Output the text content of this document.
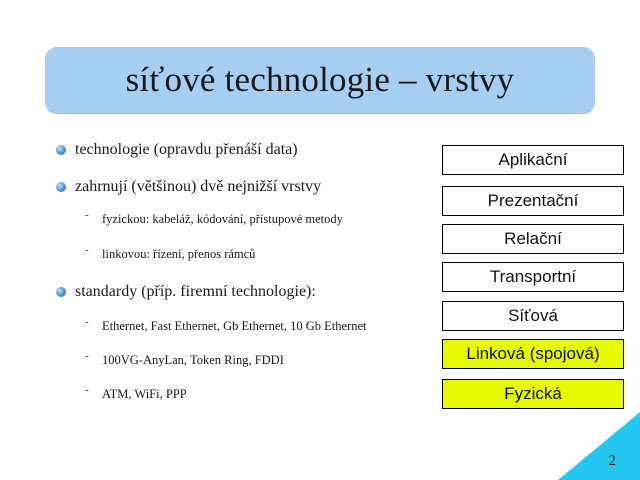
síťové technologie – vrstvy
technologie (opravdu přenáší data)
zahrnují (většinou) dvě nejnižší vrstvy
- fyzickou: kabeláž, kódování, přístupové metody
- linkovou: řízení, přenos rámců
standardy (příp. firemní technologie):
- Ethernet, Fast Ethernet, Gb Ethernet, 10 Gb Ethernet
- 100VG-AnyLan, Token Ring, FDDI
- ATM, WiFi, PPP
Aplikační
Prezentační
Relační
Transportní
Síťová
Linková (spojová)
Fyzická
2
